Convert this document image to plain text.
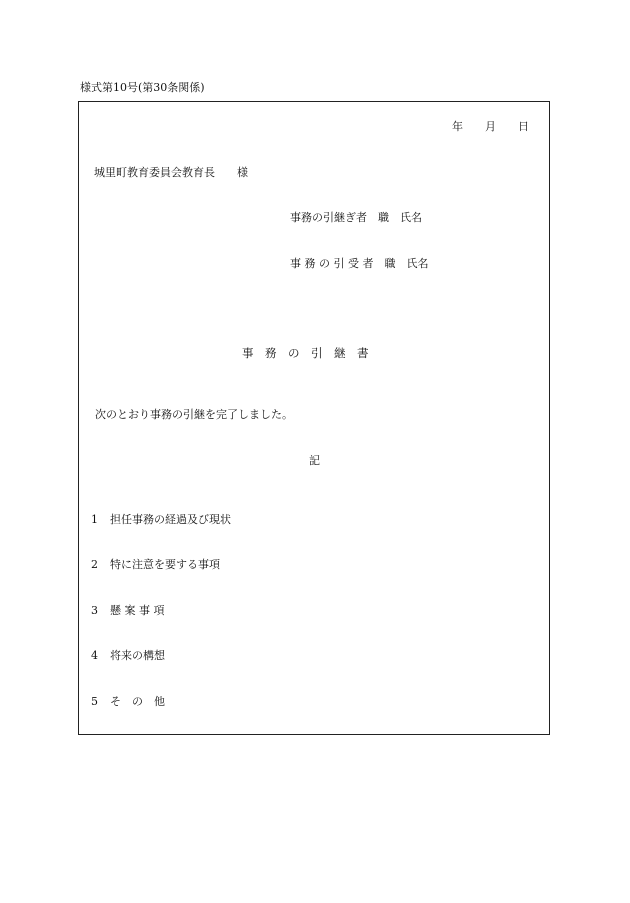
様式第10号(第30条関係)
年　　月　　日
城里町教育委員会教育長　　様
事務の引継ぎ者　職　氏名
事 務 の 引 受 者　職　氏名
事　務　の　引　継　書
次のとおり事務の引継を完了しました。
記

1 担任事務の経過及び現状

2 特に注意を要する事項

3 懸 案 事 項

4 将来の構想

5 そ　の　他
